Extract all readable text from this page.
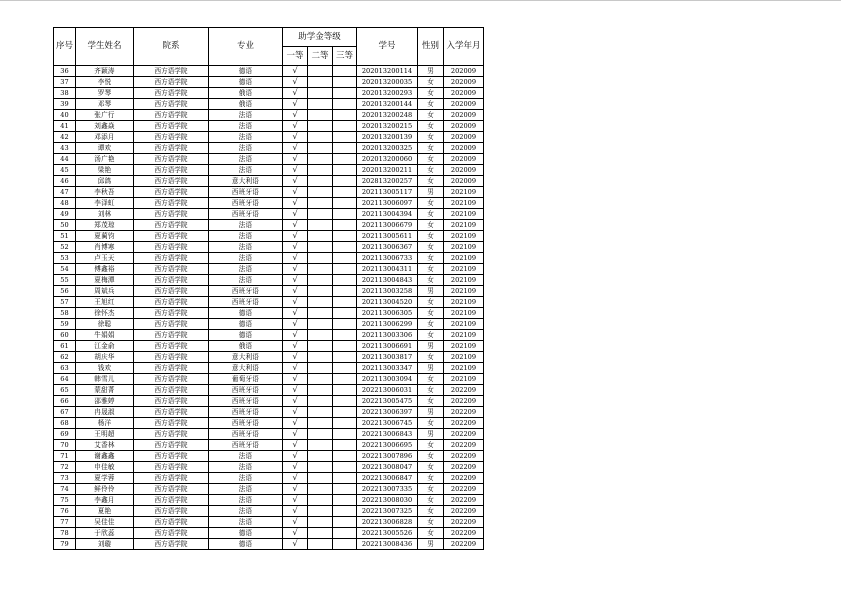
序号	学生姓名	院系	专业	助学金等级			学号	性别	入学年月
				一等	二等	三等			
36	齐颖涛	西方语学院	德语	√			202013200114	男	202009
37	李悦	西方语学院	德语	√			202013200035	女	202009
38	罗琴	西方语学院	俄语	√			202013200293	女	202009
39	邓琴	西方语学院	俄语	√			202013200144	女	202009
40	张广行	西方语学院	法语	√			202013200248	女	202009
41	刘鑫焱	西方语学院	法语	√			202013200215	女	202009
42	邓添月	西方语学院	法语	√			202013200139	女	202009
43	谭欢	西方语学院	法语	√			202013200325	女	202009
44	汤广艳	西方语学院	法语	√			202013200060	女	202009
45	梁艳	西方语学院	法语	√			202013200211	女	202009
46	邱鸽	西方语学院	意大利语	√			202813200257	女	202009
47	李秋吾	西方语学院	西班牙语	√			202113005117	男	202109
48	李泽虹	西方语学院	西班牙语	√			202113006097	女	202109
49	刘林	西方语学院	西班牙语	√			202113004394	女	202109
50	郑茂琼	西方语学院	法语	√			202113006679	女	202109
51	夏蔺钧	西方语学院	法语	√			202113005611	女	202109
52	肖博寒	西方语学院	法语	√			202113006367	女	202109
53	卢玉天	西方语学院	法语	√			202113006733	女	202109
54	傅鑫裕	西方语学院	法语	√			202113004311	女	202109
55	夏梅潭	西方语学院	法语	√			202113004843	女	202109
56	周斌兵	西方语学院	西班牙语	√			202113003258	男	202109
57	王旭红	西方语学院	西班牙语	√			202113004520	女	202109
58	徐怀杰	西方语学院	德语	√			202113006305	女	202109
59	徐聪	西方语学院	德语	√			202113006299	女	202109
60	牛娟娟	西方语学院	德语	√			202113003306	女	202109
61	江金俞	西方语学院	俄语	√			202113006691	男	202109
62	胡庆华	西方语学院	意大利语	√			202113003817	女	202109
63	钱欢	西方语学院	意大利语	√			202113003347	男	202109
64	韩雪儿	西方语学院	葡萄牙语	√			202113003094	女	202109
65	蒙甜菁	西方语学院	西班牙语	√			202213006031	女	202209
66	邵雅婷	西方语学院	西班牙语	√			202213005475	女	202209
67	冉晟淑	西方语学院	西班牙语	√			202213006397	男	202209
68	杨洋	西方语学院	西班牙语	√			202213006745	女	202209
69	王明超	西方语学院	西班牙语	√			202213006843	男	202209
70	艾香林	西方语学院	西班牙语	√			202213006695	女	202209
71	谢鑫鑫	西方语学院	法语	√			202213007896	女	202209
72	申佳敏	西方语学院	法语	√			202213008047	女	202209
73	夏学蓉	西方语学院	法语	√			202213006847	女	202209
74	鲜伶伶	西方语学院	法语	√			202213007335	女	202209
75	李鑫月	西方语学院	法语	√			202213008030	女	202209
76	夏艳	西方语学院	法语	√			202213007325	女	202209
77	吴佳佳	西方语学院	法语	√			202213006828	女	202209
78	于欣蕊	西方语学院	德语	√			202213005526	女	202209
79	刘璇	西方语学院	德语	√			202213008436	男	202209
